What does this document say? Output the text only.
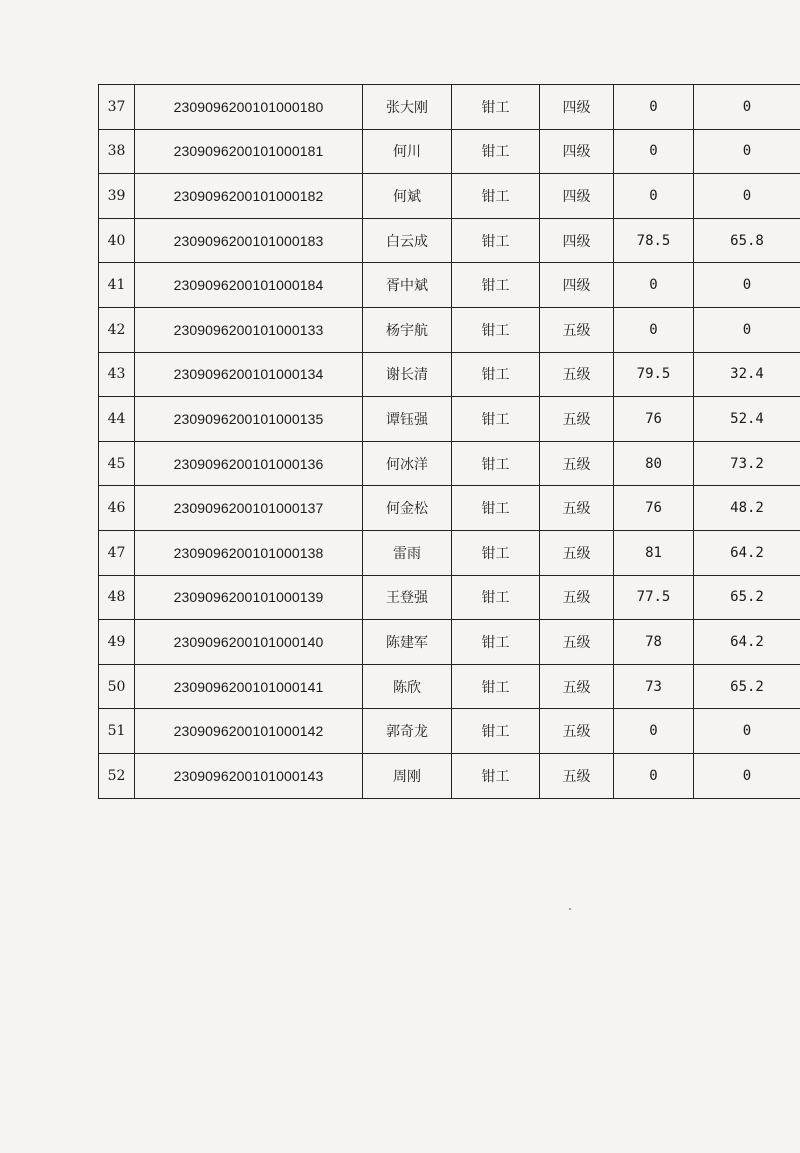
37	2309096200101000180	张大刚	钳工	四级	0	0
38	2309096200101000181	何川	钳工	四级	0	0
39	2309096200101000182	何斌	钳工	四级	0	0
40	2309096200101000183	白云成	钳工	四级	78.5	65.8
41	2309096200101000184	胥中斌	钳工	四级	0	0
42	2309096200101000133	杨宇航	钳工	五级	0	0
43	2309096200101000134	谢长清	钳工	五级	79.5	32.4
44	2309096200101000135	谭钰强	钳工	五级	76	52.4
45	2309096200101000136	何冰洋	钳工	五级	80	73.2
46	2309096200101000137	何金松	钳工	五级	76	48.2
47	2309096200101000138	雷雨	钳工	五级	81	64.2
48	2309096200101000139	王登强	钳工	五级	77.5	65.2
49	2309096200101000140	陈建军	钳工	五级	78	64.2
50	2309096200101000141	陈欣	钳工	五级	73	65.2
51	2309096200101000142	郭奇龙	钳工	五级	0	0
52	2309096200101000143	周刚	钳工	五级	0	0
